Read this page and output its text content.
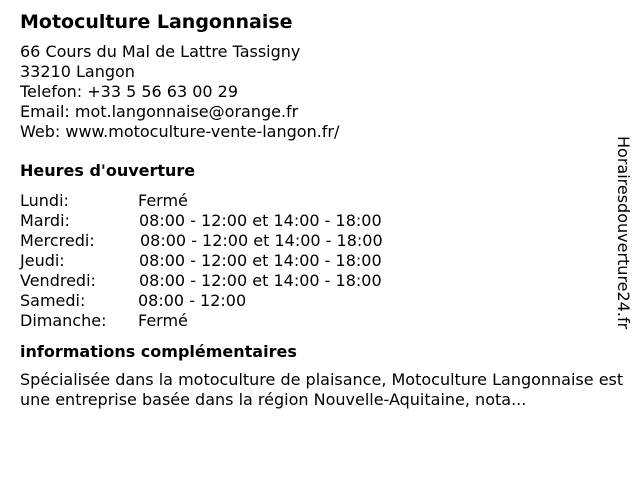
Motoculture Langonnaise
66 Cours du Mal de Lattre Tassigny
33210 Langon
Telefon: +33 5 56 63 00 29
Email: mot.langonnaise@orange.fr
Web: www.motoculture-vente-langon.fr/
Heures d'ouverture
Lundi:	Fermé
Mardi:	08:00 - 12:00 et 14:00 - 18:00
Mercredi:	08:00 - 12:00 et 14:00 - 18:00
Jeudi:	08:00 - 12:00 et 14:00 - 18:00
Vendredi:	08:00 - 12:00 et 14:00 - 18:00
Samedi:	08:00 - 12:00
Dimanche:	Fermé
informations complémentaires
Spécialisée dans la motoculture de plaisance, Motoculture Langonnaise est une entreprise basée dans la région Nouvelle-Aquitaine, nota...
Horairesdouverture24.fr
